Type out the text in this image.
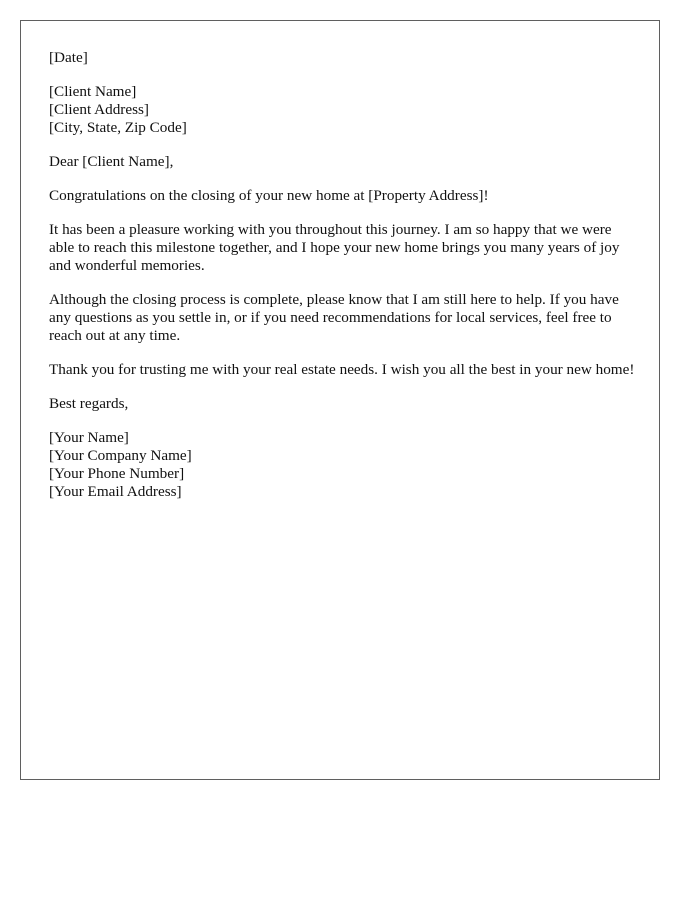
[Date]
[Client Name]
[Client Address]
[City, State, Zip Code]
Dear [Client Name],

Congratulations on the closing of your new home at [Property Address]!

It has been a pleasure working with you throughout this journey. I am so happy that we were able to reach this milestone together, and I hope your new home brings you many years of joy and wonderful memories.

Although the closing process is complete, please know that I am still here to help. If you have any questions as you settle in, or if you need recommendations for local services, feel free to reach out at any time.

Thank you for trusting me with your real estate needs. I wish you all the best in your new home!

Best regards,
[Your Name]
[Your Company Name]
[Your Phone Number]
[Your Email Address]
